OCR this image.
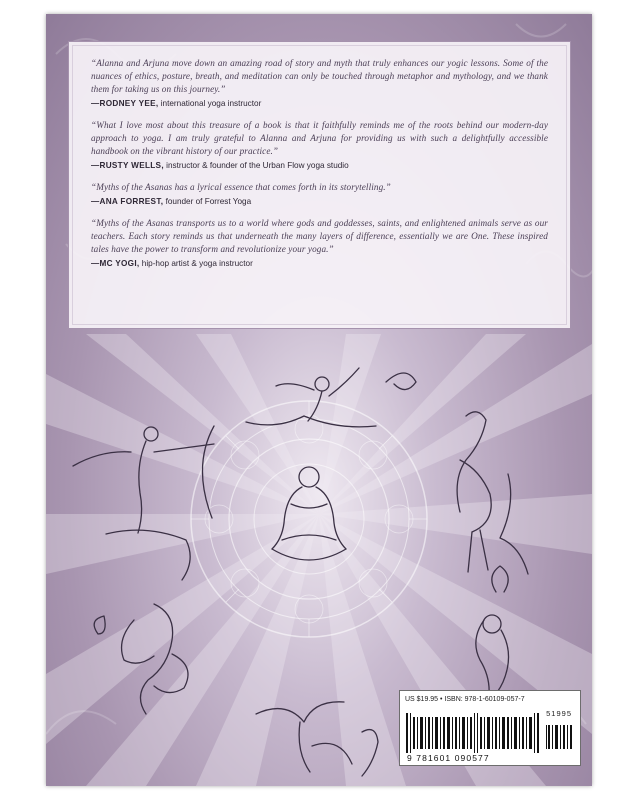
“Alanna and Arjuna move down an amazing road of story and myth that truly enhances our yogic lessons. Some of the nuances of ethics, posture, breath, and meditation can only be touched through metaphor and mythology, and we thank them for taking us on this journey.”

—RODNEY YEE, international yoga instructor

“What I love most about this treasure of a book is that it faithfully reminds me of the roots behind our modern-day approach to yoga. I am truly grateful to Alanna and Arjuna for providing us with such a delightfully accessible handbook on the vibrant history of our practice.”

—RUSTY WELLS, instructor & founder of the Urban Flow yoga studio

“Myths of the Asanas has a lyrical essence that comes forth in its storytelling.”

—ANA FORREST, founder of Forrest Yoga

“Myths of the Asanas transports us to a world where gods and goddesses, saints, and enlightened animals serve as our teachers. Each story reminds us that underneath the many layers of difference, essentially we are One. These inspired tales have the power to transform and revolutionize your yoga.”

—MC YOGI, hip-hop artist & yoga instructor

US $19.95 • ISBN: 978-1-60109-057-7
51995
9 781601 090577
